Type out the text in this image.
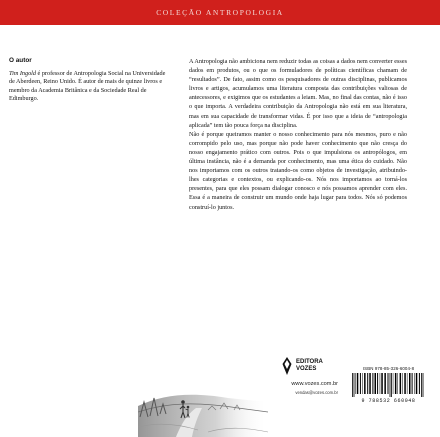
COLEÇÃO ANTROPOLOGIA
O autor
Tim Ingold é professor de Antropologia Social na Universidade de Aberdeen, Reino Unido. É autor de mais de quinze livros e membro da Academia Britânica e da Sociedade Real de Edimburgo.

A Antropologia não ambiciona nem reduzir todas as coisas a dados nem converter esses dados em produtos, ou o que os formuladores de políticas científicas chamam de “resultados”. De fato, assim como os pesquisadores de outras disciplinas, publicamos livros e artigos, acumulamos uma literatura composta das contribuições valiosas de antecessores, e exigimos que os estudantes a leiam. Mas, no final das contas, não é isso o que importa. A verdadeira contribuição da Antropologia não está em sua literatura, mas em sua capacidade de transformar vidas. É por isso que a ideia de “antropologia aplicada” tem tão pouca força na disciplina.

Não é porque queiramos manter o nosso conhecimento para nós mesmos, puro e não corrompido pelo uso, mas porque não pode haver conhecimento que não cresça do nosso engajamento prático com outros. Pois o que impulsiona os antropólogos, em última instância, não é a demanda por conhecimento, mas uma ética do cuidado. Não nos importamos com os outros tratando-os como objetos de investigação, atribuindo-lhes categorias e contextos, ou explicando-os. Nós nos importamos ao torná-los presentes, para que eles possam dialogar conosco e nós possamos aprender com eles. Essa é a maneira de construir um mundo onde haja lugar para todos. Nós só podemos construí-lo juntos.

EDITORA
VOZES
www.vozes.com.br
vendas@vozes.com.br
ISBN 978-85-326-6004-8
9 788532 660048
